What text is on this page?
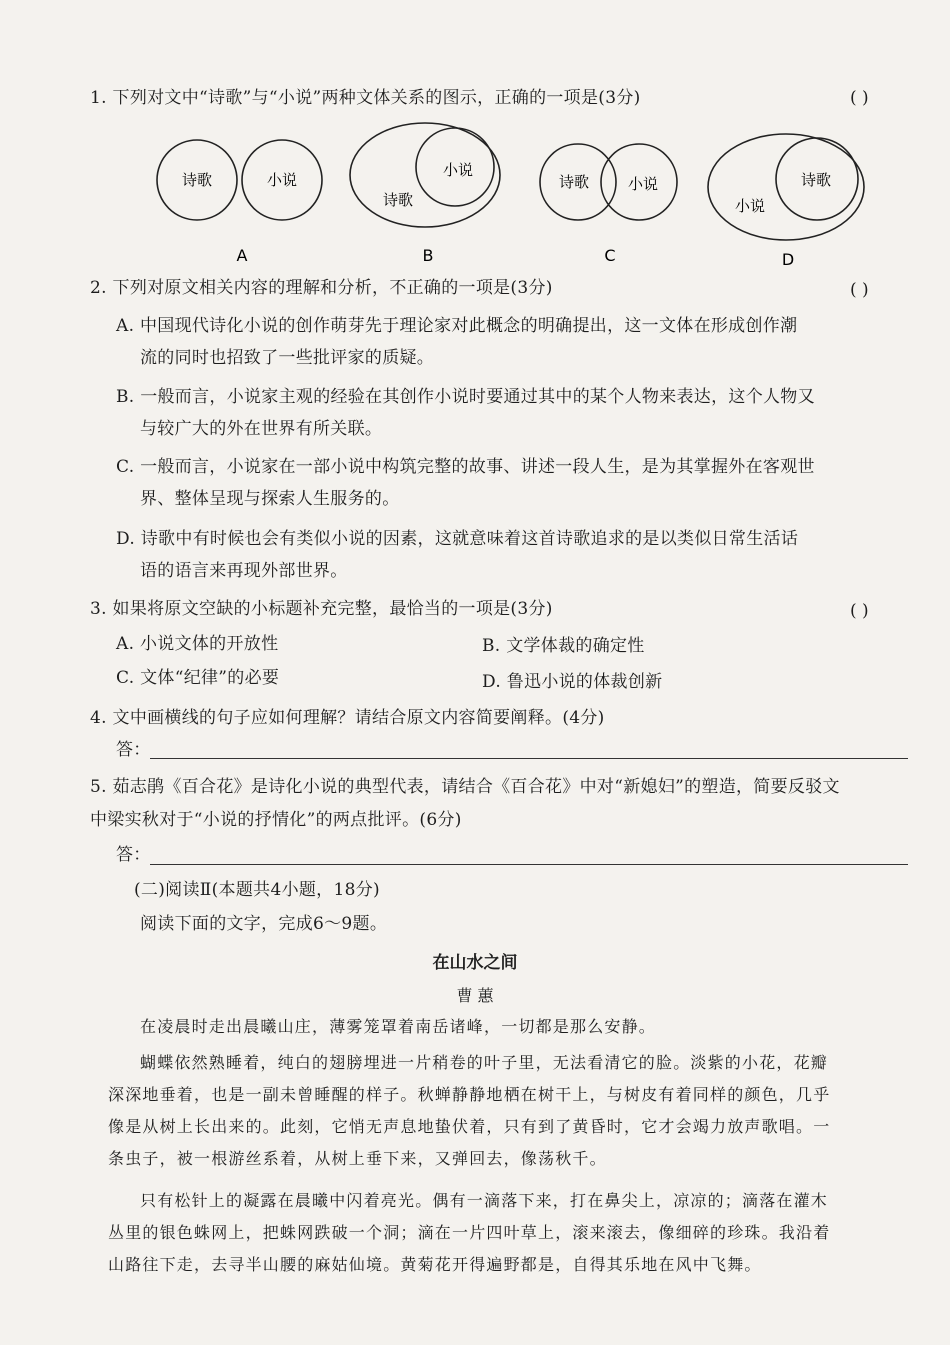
1. 下列对文中“诗歌”与“小说”两种文体关系的图示，正确的一项是(3分)	( )
诗歌	小说
A
小说
诗歌
B
诗歌	小说
C
诗歌
小说
D
2. 下列对原文相关内容的理解和分析，不正确的一项是(3分)	( )
A. 中国现代诗化小说的创作萌芽先于理论家对此概念的明确提出，这一文体在形成创作潮
流的同时也招致了一些批评家的质疑。
B. 一般而言，小说家主观的经验在其创作小说时要通过其中的某个人物来表达，这个人物又
与较广大的外在世界有所关联。
C. 一般而言，小说家在一部小说中构筑完整的故事、讲述一段人生，是为其掌握外在客观世
界、整体呈现与探索人生服务的。
D. 诗歌中有时候也会有类似小说的因素，这就意味着这首诗歌追求的是以类似日常生活话
语的语言来再现外部世界。
3. 如果将原文空缺的小标题补充完整，最恰当的一项是(3分)	( )
A. 小说文体的开放性	B. 文学体裁的确定性
C. 文体“纪律”的必要	D. 鲁迅小说的体裁创新
4. 文中画横线的句子应如何理解？请结合原文内容简要阐释。(4分)
答：
5. 茹志鹃《百合花》是诗化小说的典型代表，请结合《百合花》中对“新媳妇”的塑造，简要反驳文
中梁实秋对于“小说的抒情化”的两点批评。(6分)
答：
(二)阅读Ⅱ(本题共4小题，18分)
阅读下面的文字，完成6～9题。
在山水之间
曹 蕙
在凌晨时走出晨曦山庄，薄雾笼罩着南岳诸峰，一切都是那么安静。
蝴蝶依然熟睡着，纯白的翅膀埋进一片稍卷的叶子里，无法看清它的脸。淡紫的小花，花瓣
深深地垂着，也是一副未曾睡醒的样子。秋蝉静静地栖在树干上，与树皮有着同样的颜色，几乎
像是从树上长出来的。此刻，它悄无声息地蛰伏着，只有到了黄昏时，它才会竭力放声歌唱。一
条虫子，被一根游丝系着，从树上垂下来，又弹回去，像荡秋千。
只有松针上的凝露在晨曦中闪着亮光。偶有一滴落下来，打在鼻尖上，凉凉的；滴落在灌木
丛里的银色蛛网上，把蛛网跌破一个洞；滴在一片四叶草上，滚来滚去，像细碎的珍珠。我沿着
山路往下走，去寻半山腰的麻姑仙境。黄菊花开得遍野都是，自得其乐地在风中飞舞。
